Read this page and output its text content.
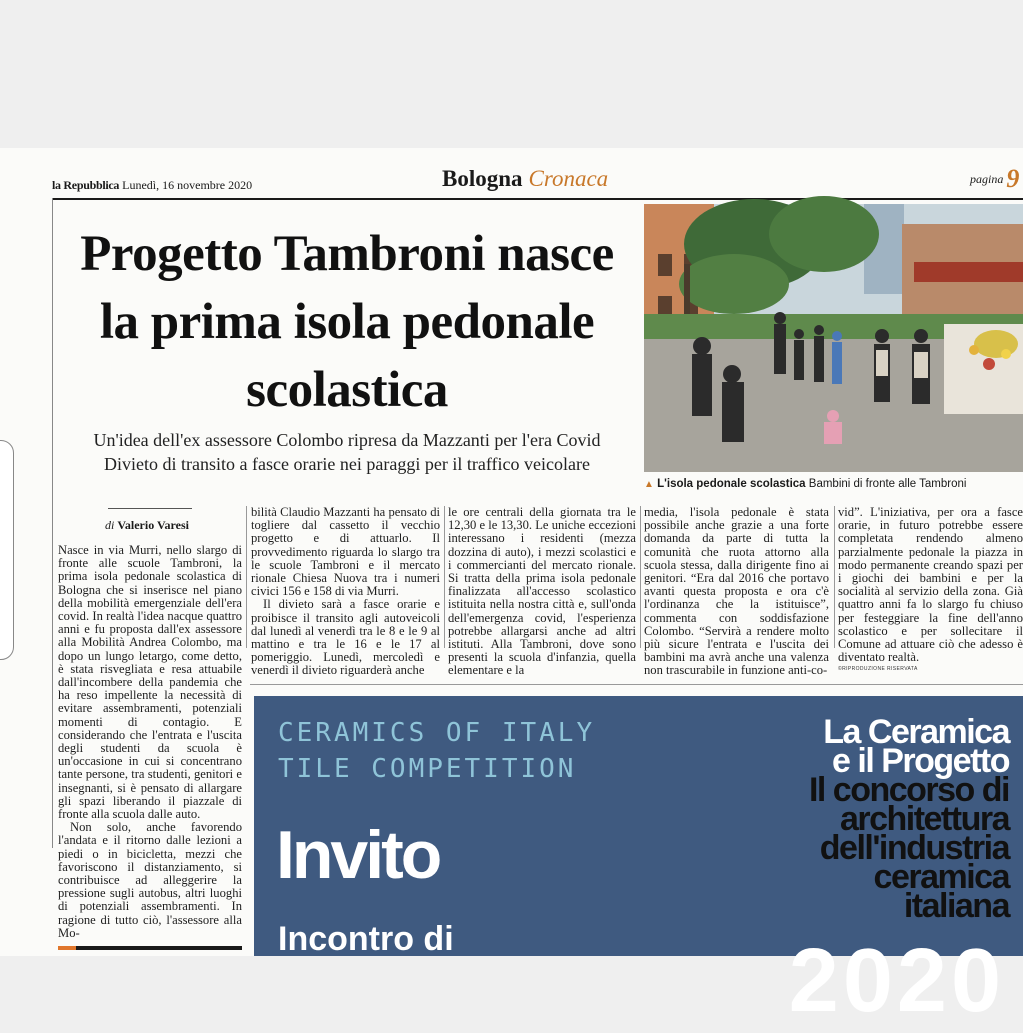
la Repubblica Lunedì, 16 novembre 2020	Bologna Cronaca	pagina 9
Progetto Tambroni nasce la prima isola pedonale scolastica
Un'idea dell'ex assessore Colombo ripresa da Mazzanti per l'era Covid
Divieto di transito a fasce orarie nei paraggi per il traffico veicolare
▲ L'isola pedonale scolastica Bambini di fronte alle Tambroni
di Valerio Varesi

Nasce in via Murri, nello slargo di fronte alle scuole Tambroni, la prima isola pedonale scolastica di Bologna che si inserisce nel piano della mobilità emergenziale dell'era covid. In realtà l'idea nacque quattro anni e fu proposta dall'ex assessore alla Mobilità Andrea Colombo, ma dopo un lungo letargo, come detto, è stata risvegliata e resa attuabile dall'incombere della pandemia che ha reso impellente la necessità di evitare assembramenti, potenziali momenti di contagio. E considerando che l'entrata e l'uscita degli studenti da scuola è un'occasione in cui si concentrano tante persone, tra studenti, genitori e insegnanti, si è pensato di allargare gli spazi liberando il piazzale di fronte alla scuola dalle auto.

Non solo, anche favorendo l'andata e il ritorno dalle lezioni a piedi o in bicicletta, mezzi che favoriscono il distanziamento, si contribuisce ad alleggerire la pressione sugli autobus, altri luoghi di potenziali assembramenti. In ragione di tutto ciò, l'assessore alla Mo-

bilità Claudio Mazzanti ha pensato di togliere dal cassetto il vecchio progetto e di attuarlo. Il provvedimento riguarda lo slargo tra le scuole Tambroni e il mercato rionale Chiesa Nuova tra i numeri civici 156 e 158 di via Murri.

Il divieto sarà a fasce orarie e proibisce il transito agli autoveicoli dal lunedì al venerdì tra le 8 e le 9 al mattino e tra le 16 e le 17 al pomeriggio. Lunedì, mercoledì e venerdì il divieto riguarderà anche

le ore centrali della giornata tra le 12,30 e le 13,30. Le uniche eccezioni interessano i residenti (mezza dozzina di auto), i mezzi scolastici e i commercianti del mercato rionale. Si tratta della prima isola pedonale finalizzata all'accesso scolastico istituita nella nostra città e, sull'onda dell'emergenza covid, l'esperienza potrebbe allargarsi anche ad altri istituti. Alla Tambroni, dove sono presenti la scuola d'infanzia, quella elementare e la

media, l'isola pedonale è stata possibile anche grazie a una forte domanda da parte di tutta la comunità che ruota attorno alla scuola stessa, dalla dirigente fino ai genitori. “Era dal 2016 che portavo avanti questa proposta e ora c'è l'ordinanza che la istituisce”, commenta con soddisfazione Colombo. “Servirà a rendere molto più sicure l'entrata e l'uscita dei bambini ma avrà anche una valenza non trascurabile in funzione anti-co-

vid”. L'iniziativa, per ora a fasce orarie, in futuro potrebbe essere completata rendendo almeno parzialmente pedonale la piazza in modo permanente creando spazi per i giochi dei bambini e per la socialità al servizio della zona. Già quattro anni fa lo slargo fu chiuso per festeggiare la fine dell'anno scolastico e per sollecitare il Comune ad attuare ciò che adesso è diventato realtà.

©RIPRODUZIONE RISERVATA
CERAMICS OF ITALY
TILE COMPETITION
Invito
Incontro di
La Ceramica
e il Progetto
Il concorso di
architettura
dell'industria
ceramica
italiana
2020
